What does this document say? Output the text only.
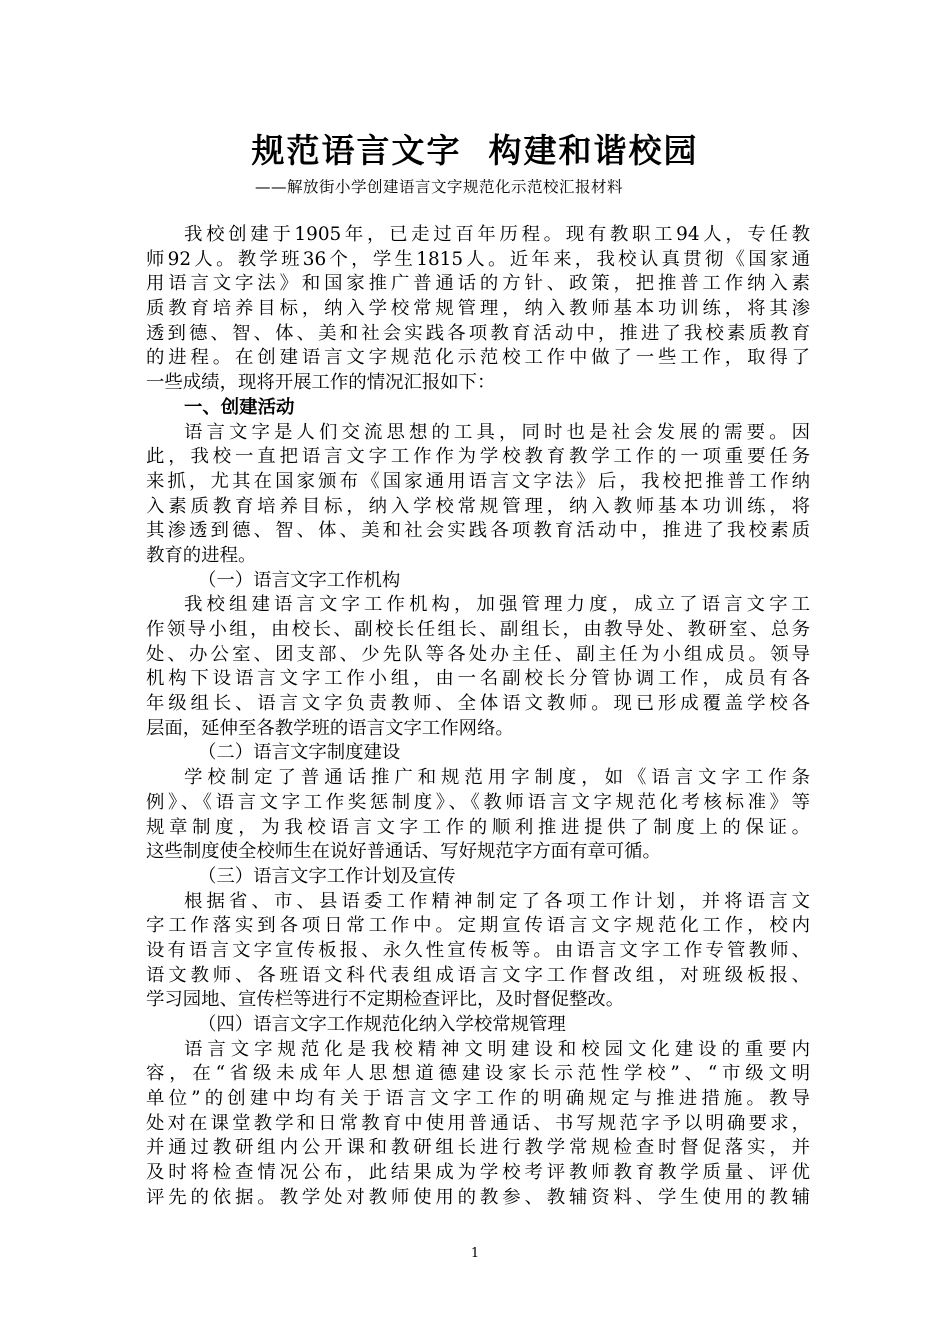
规范语言文字  构建和谐校园
——解放街小学创建语言文字规范化示范校汇报材料
我校创建于1905年，已走过百年历程。现有教职工94人，专任教
师92人。教学班36个，学生1815人。近年来，我校认真贯彻《国家通
用语言文字法》和国家推广普通话的方针、政策，把推普工作纳入素
质教育培养目标，纳入学校常规管理，纳入教师基本功训练，将其渗
透到德、智、体、美和社会实践各项教育活动中，推进了我校素质教育
的进程。在创建语言文字规范化示范校工作中做了一些工作，取得了
一些成绩，现将开展工作的情况汇报如下：
一、创建活动
语言文字是人们交流思想的工具，同时也是社会发展的需要。因
此，我校一直把语言文字工作作为学校教育教学工作的一项重要任务
来抓，尤其在国家颁布《国家通用语言文字法》后，我校把推普工作纳
入素质教育培养目标，纳入学校常规管理，纳入教师基本功训练，将
其渗透到德、智、体、美和社会实践各项教育活动中，推进了我校素质
教育的进程。
（一）语言文字工作机构
我校组建语言文字工作机构，加强管理力度，成立了语言文字工
作领导小组，由校长、副校长任组长、副组长，由教导处、教研室、总务
处、办公室、团支部、少先队等各处办主任、副主任为小组成员。领导
机构下设语言文字工作小组，由一名副校长分管协调工作，成员有各
年级组长、语言文字负责教师、全体语文教师。现已形成覆盖学校各
层面，延伸至各教学班的语言文字工作网络。
（二）语言文字制度建设
学校制定了普通话推广和规范用字制度，如《语言文字工作条
例》、《语言文字工作奖惩制度》、《教师语言文字规范化考核标准》等
规章制度，为我校语言文字工作的顺利推进提供了制度上的保证。
这些制度使全校师生在说好普通话、写好规范字方面有章可循。
（三）语言文字工作计划及宣传
根据省、市、县语委工作精神制定了各项工作计划，并将语言文
字工作落实到各项日常工作中。定期宣传语言文字规范化工作，校内
设有语言文字宣传板报、永久性宣传板等。由语言文字工作专管教师、
语文教师、各班语文科代表组成语言文字工作督改组，对班级板报、
学习园地、宣传栏等进行不定期检查评比，及时督促整改。
（四）语言文字工作规范化纳入学校常规管理
语言文字规范化是我校精神文明建设和校园文化建设的重要内
容，在“省级未成年人思想道德建设家长示范性学校”、“市级文明
单位”的创建中均有关于语言文字工作的明确规定与推进措施。教导
处对在课堂教学和日常教育中使用普通话、书写规范字予以明确要求，
并通过教研组内公开课和教研组长进行教学常规检查时督促落实，并
及时将检查情况公布，此结果成为学校考评教师教育教学质量、评优
评先的依据。教学处对教师使用的教参、教辅资料、学生使用的教辅
1
